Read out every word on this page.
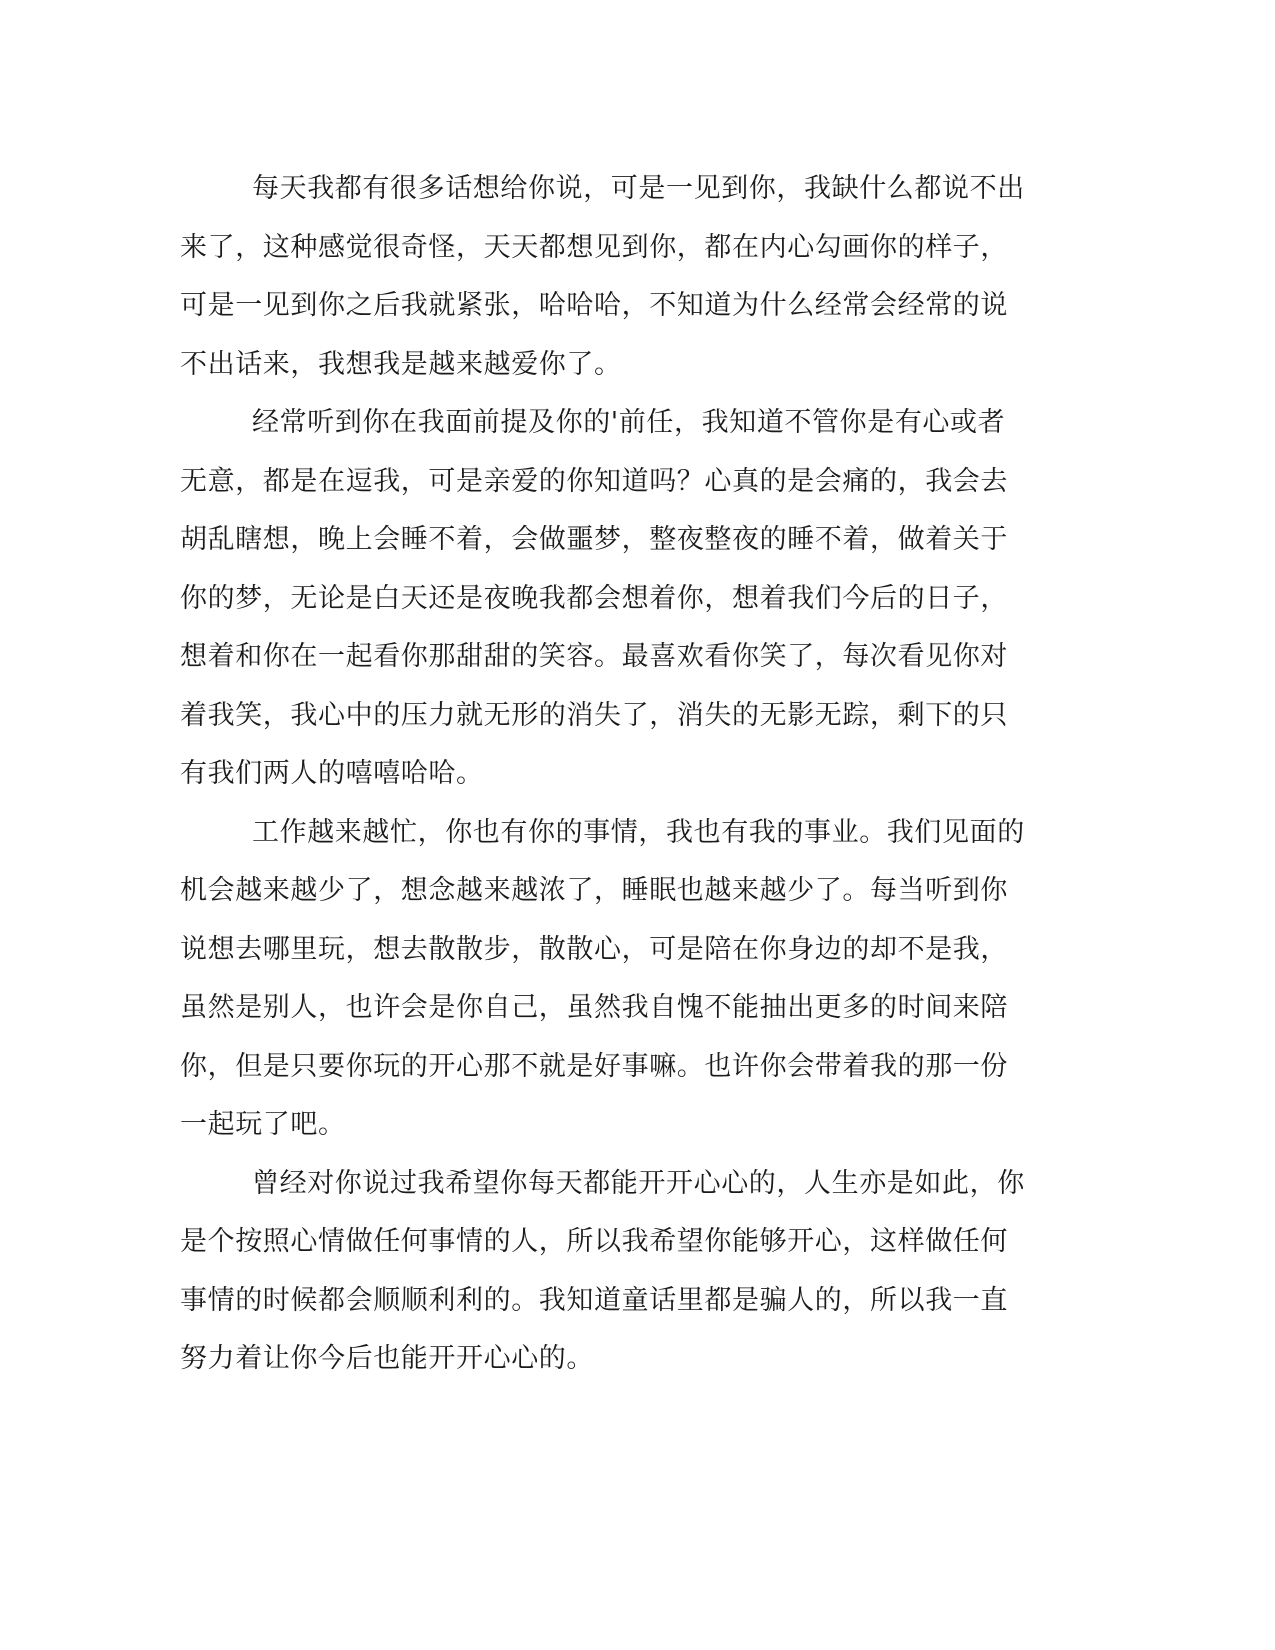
每天我都有很多话想给你说，可是一见到你，我缺什么都说不出来了，这种感觉很奇怪，天天都想见到你，都在内心勾画你的样子，可是一见到你之后我就紧张，哈哈哈，不知道为什么经常会经常的说不出话来，我想我是越来越爱你了。

经常听到你在我面前提及你的'前任，我知道不管你是有心或者无意，都是在逗我，可是亲爱的你知道吗？心真的是会痛的，我会去胡乱瞎想，晚上会睡不着，会做噩梦，整夜整夜的睡不着，做着关于你的梦，无论是白天还是夜晚我都会想着你，想着我们今后的日子，想着和你在一起看你那甜甜的笑容。最喜欢看你笑了，每次看见你对着我笑，我心中的压力就无形的消失了，消失的无影无踪，剩下的只有我们两人的嘻嘻哈哈。

工作越来越忙，你也有你的事情，我也有我的事业。我们见面的机会越来越少了，想念越来越浓了，睡眠也越来越少了。每当听到你说想去哪里玩，想去散散步，散散心，可是陪在你身边的却不是我，虽然是别人，也许会是你自己，虽然我自愧不能抽出更多的时间来陪你，但是只要你玩的开心那不就是好事嘛。也许你会带着我的那一份一起玩了吧。

曾经对你说过我希望你每天都能开开心心的，人生亦是如此，你是个按照心情做任何事情的人，所以我希望你能够开心，这样做任何事情的时候都会顺顺利利的。我知道童话里都是骗人的，所以我一直努力着让你今后也能开开心心的。
